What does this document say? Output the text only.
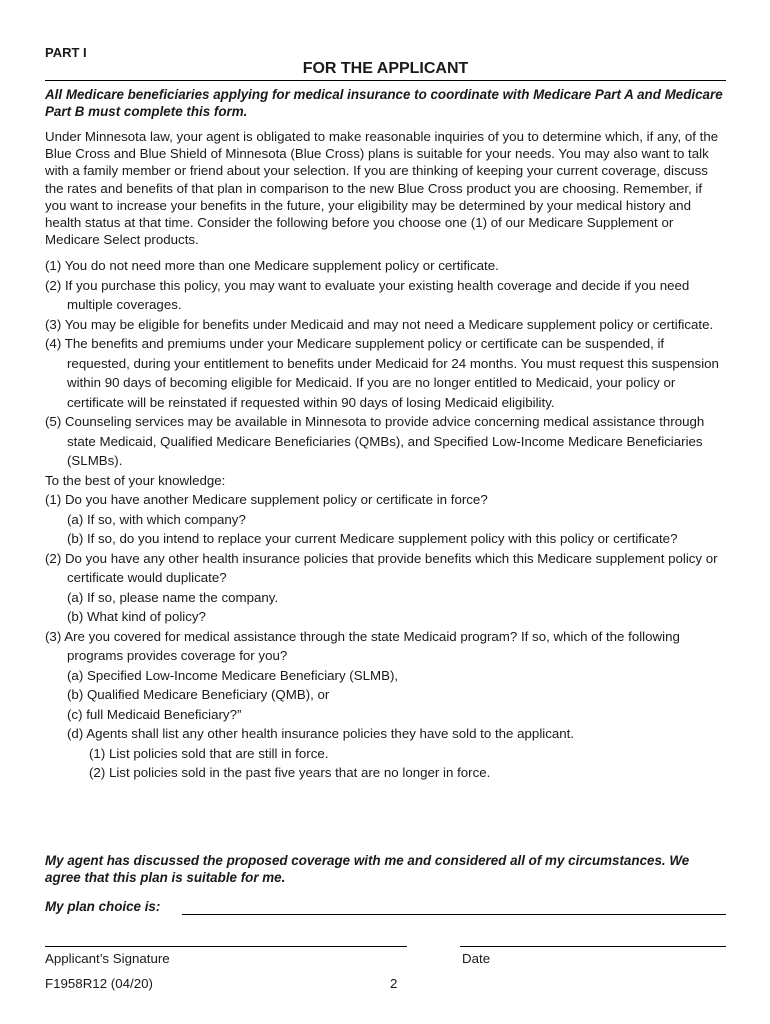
PART I
FOR THE APPLICANT
All Medicare beneficiaries applying for medical insurance to coordinate with Medicare Part A and Medicare Part B must complete this form.
Under Minnesota law, your agent is obligated to make reasonable inquiries of you to determine which, if any, of the Blue Cross and Blue Shield of Minnesota (Blue Cross) plans is suitable for your needs. You may also want to talk with a family member or friend about your selection. If you are thinking of keeping your current coverage, discuss the rates and benefits of that plan in comparison to the new Blue Cross product you are choosing. Remember, if you want to increase your benefits in the future, your eligibility may be determined by your medical history and health status at that time. Consider the following before you choose one (1) of our Medicare Supplement or Medicare Select products.

(1) You do not need more than one Medicare supplement policy or certificate.

(2) If you purchase this policy, you may want to evaluate your existing health coverage and decide if you need multiple coverages.

(3) You may be eligible for benefits under Medicaid and may not need a Medicare supplement policy or certificate.

(4) The benefits and premiums under your Medicare supplement policy or certificate can be suspended, if requested, during your entitlement to benefits under Medicaid for 24 months. You must request this suspension within 90 days of becoming eligible for Medicaid. If you are no longer entitled to Medicaid, your policy or certificate will be reinstated if requested within 90 days of losing Medicaid eligibility.

(5) Counseling services may be available in Minnesota to provide advice concerning medical assistance through state Medicaid, Qualified Medicare Beneficiaries (QMBs), and Specified Low-Income Medicare Beneficiaries (SLMBs).

To the best of your knowledge:

(1) Do you have another Medicare supplement policy or certificate in force?

(a) If so, with which company?

(b) If so, do you intend to replace your current Medicare supplement policy with this policy or certificate?

(2) Do you have any other health insurance policies that provide benefits which this Medicare supplement policy or certificate would duplicate?

(a) If so, please name the company.

(b) What kind of policy?

(3) Are you covered for medical assistance through the state Medicaid program? If so, which of the following programs provides coverage for you?

(a) Specified Low-Income Medicare Beneficiary (SLMB),

(b) Qualified Medicare Beneficiary (QMB), or

(c) full Medicaid Beneficiary?”

(d) Agents shall list any other health insurance policies they have sold to the applicant.

(1) List policies sold that are still in force.

(2) List policies sold in the past five years that are no longer in force.

My agent has discussed the proposed coverage with me and considered all of my circumstances. We agree that this plan is suitable for me.
My plan choice is:
Applicant’s Signature	Date
F1958R12 (04/20)	2
